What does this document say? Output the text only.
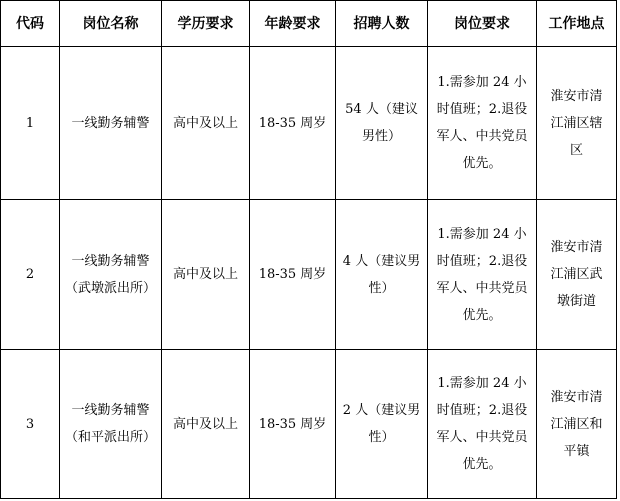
代码	岗位名称	学历要求	年龄要求	招聘人数	岗位要求	工作地点
1	一线勤务辅警	高中及以上	18-35 周岁	54 人（建议
男性）	1.需参加 24 小
时值班；2.退役
军人、中共党员
优先。	淮安市清
江浦区辖
区

2	一线勤务辅警
（武墩派出所）	高中及以上	18-35 周岁	4 人（建议男
性）	1.需参加 24 小
时值班；2.退役
军人、中共党员
优先。	淮安市清
江浦区武
墩街道

3	一线勤务辅警
（和平派出所）	高中及以上	18-35 周岁	2 人（建议男
性）	1.需参加 24 小
时值班；2.退役
军人、中共党员
优先。	淮安市清
江浦区和
平镇
